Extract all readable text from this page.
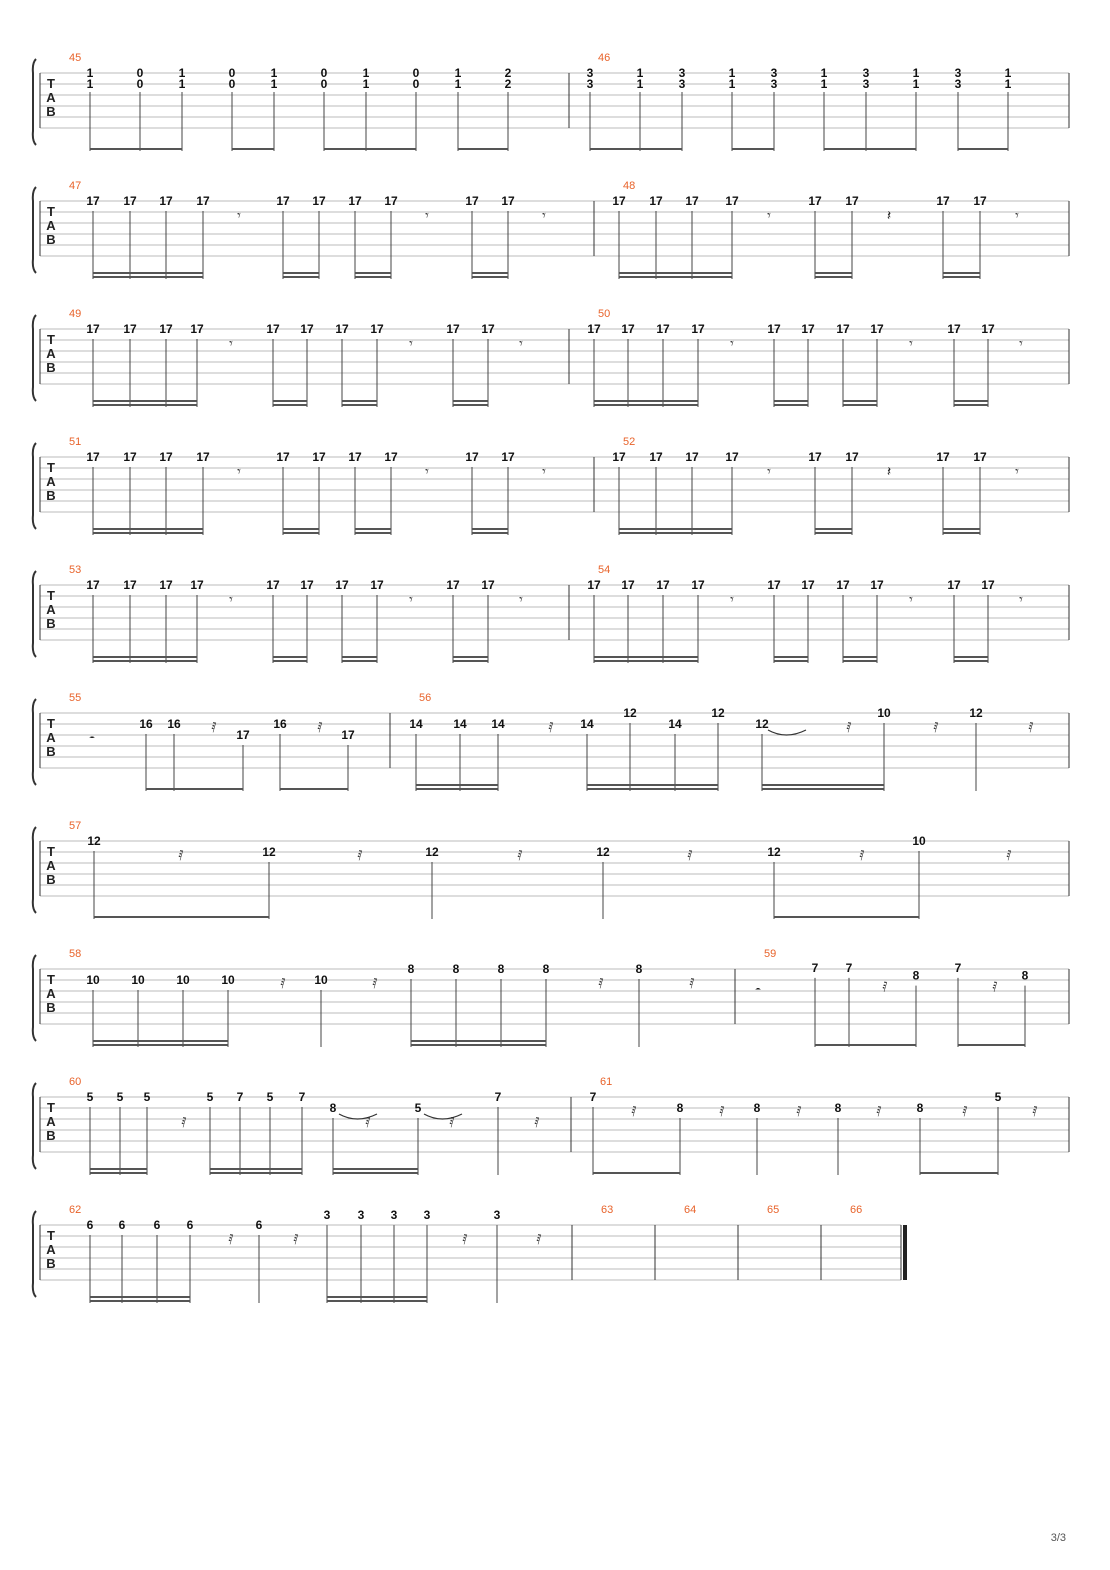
T
A
B
45
1
1
0
0
1
1
0
0
1
1
0
0
1
1
0
0
1
1
2
2
46
3
3
1
1
3
3
1
1
3
3
1
1
3
3
1
1
3
3
1
1
T
A
B
47
17 17 17 17	17 17 17 17	17 17
𝄾	𝄾	𝄾
48
17 17 17 17	17 17	17 17
𝄾	𝄽	𝄾
T
A
B
49
17 17 17 17	17 17 17 17	17 17
𝄾	𝄾	𝄾
50
17 17 17 17	17 17 17 17	17 17
𝄾	𝄾	𝄾
T
A
B
51
17 17 17 17	17 17 17 17	17 17
𝄾	𝄾	𝄾
52
17 17 17 17	17 17	17 17
𝄾	𝄽	𝄾
T
A
B
53
17 17 17 17	17 17 17 17	17 17
𝄾	𝄾	𝄾
54
17 17 17 17	17 17 17 17	17 17
𝄾	𝄾	𝄾
T
A
B
55
16 16
17
16
17
𝄼
𝅀	𝅀
56
14	14 14	14
12
14
12
12
10	12
𝅀	𝅀	𝅀	𝅀
T
A
B
57
12
12	12	12	12
10
𝅀	𝅀	𝅀	𝅀	𝅀	𝅀
T
A
B
58
10	10	10	10	10
8	8	8	8	8
𝅀	𝅀	𝅀	𝅀
59
7 7
8
7
8
𝄼	𝅀	𝅀
T
A
B
60
5 5 5	5 7 5 7
8	5
7
𝅀	𝅀	𝅀	𝅀
61
7
8	8	8	8
5
𝅀	𝅀	𝅀	𝅀	𝅀	𝅀
T
A
B
62
6 6 6 6	6
3 3 3 3	3
𝅀	𝅀	𝅀	𝅀
63	64	65	66
3/3
